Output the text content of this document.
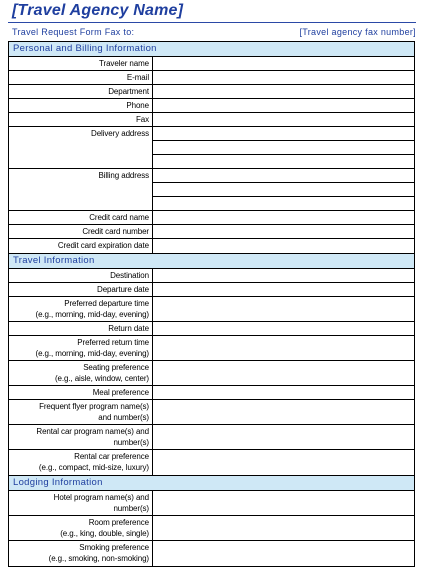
[Travel Agency Name]
Travel Request Form Fax to:	[Travel agency fax number]
Personal and Billing Information
Traveler name
E-mail
Department
Phone
Fax
Delivery address
Billing address
Credit card name
Credit card number
Credit card expiration date
Travel Information
Destination
Departure date
Preferred departure time
(e.g., morning, mid-day, evening)
Return date
Preferred return time
(e.g., morning, mid-day, evening)
Seating preference
(e.g., aisle, window, center)
Meal preference
Frequent flyer program name(s)
and number(s)
Rental car program name(s) and
number(s)
Rental car preference
(e.g., compact, mid-size, luxury)
Lodging Information
Hotel program name(s) and
number(s)
Room preference
(e.g., king, double, single)
Smoking preference
(e.g., smoking, non-smoking)
